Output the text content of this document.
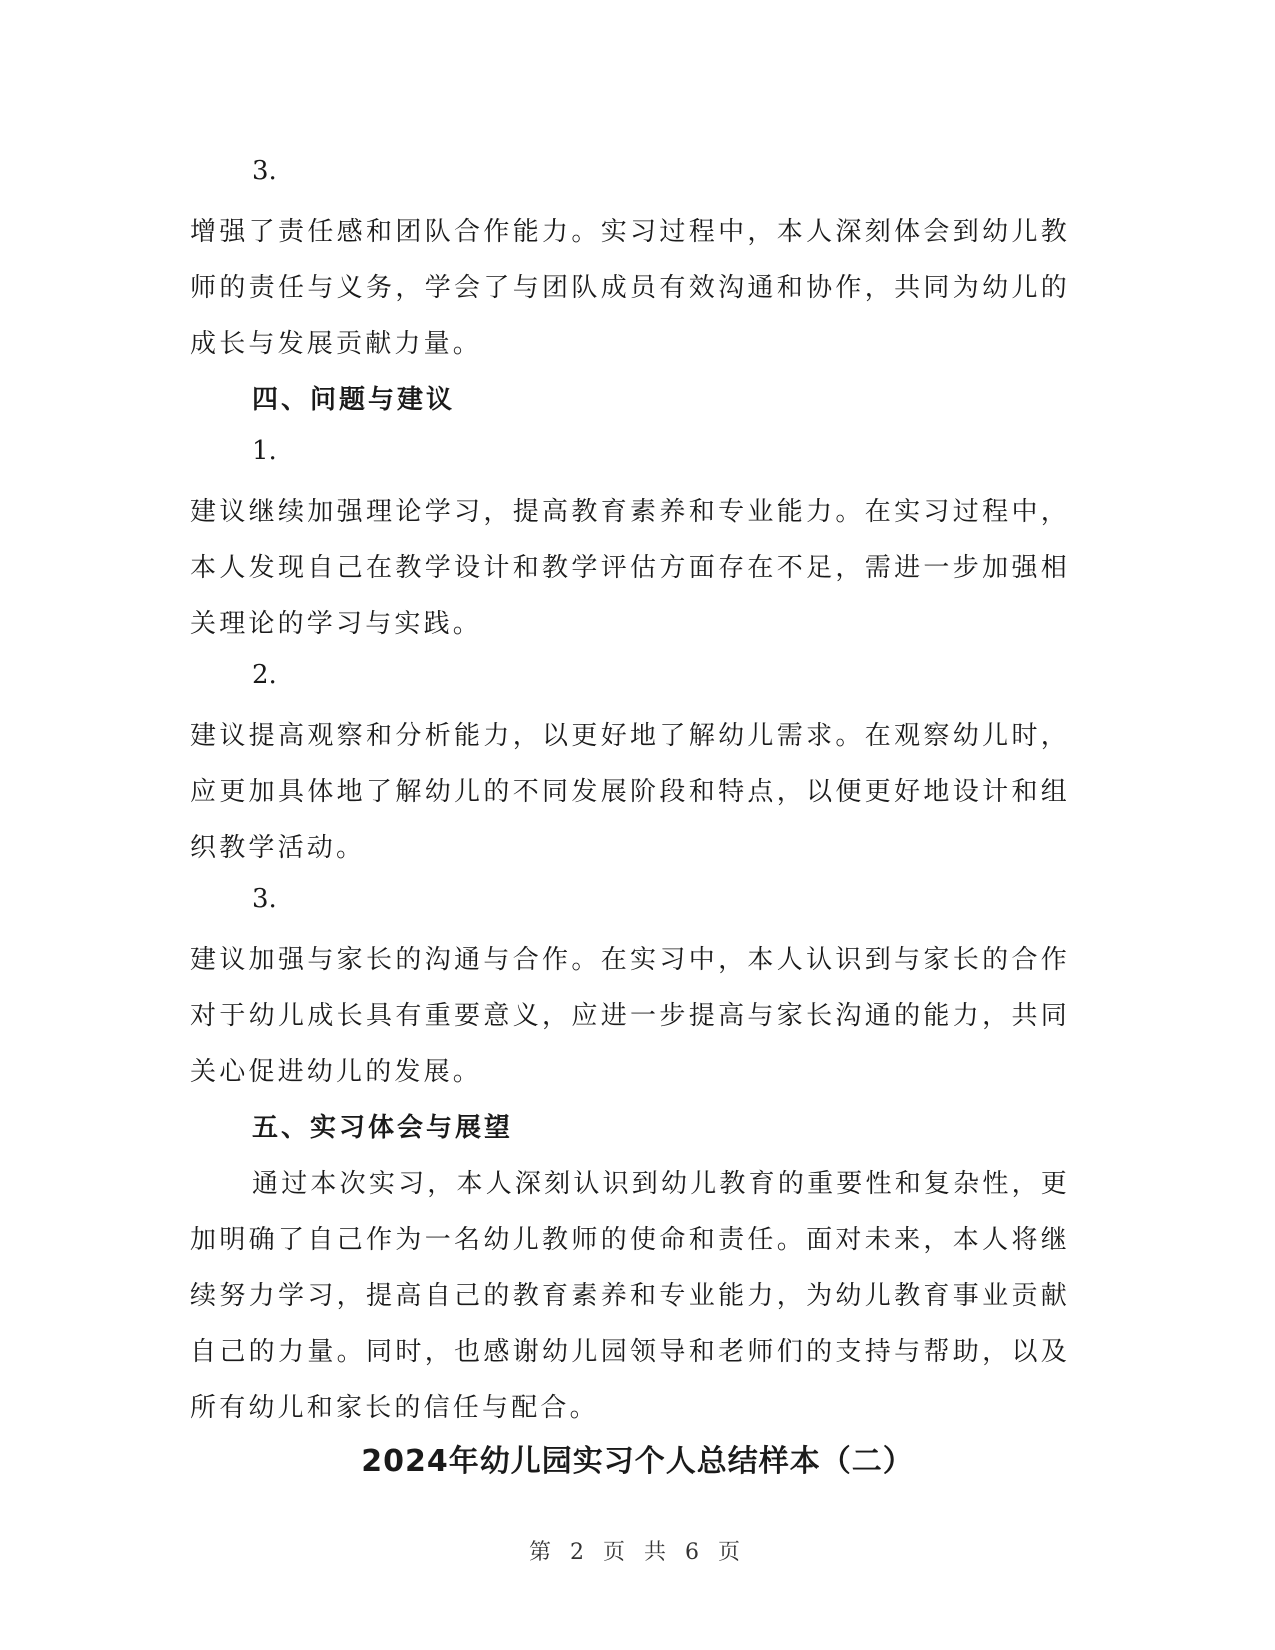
3.

增强了责任感和团队合作能力。实习过程中，本人深刻体会到幼儿教师的责任与义务，学会了与团队成员有效沟通和协作，共同为幼儿的成长与发展贡献力量。

四、问题与建议
1.

建议继续加强理论学习，提高教育素养和专业能力。在实习过程中，本人发现自己在教学设计和教学评估方面存在不足，需进一步加强相关理论的学习与实践。

2.

建议提高观察和分析能力，以更好地了解幼儿需求。在观察幼儿时，应更加具体地了解幼儿的不同发展阶段和特点，以便更好地设计和组织教学活动。

3.

建议加强与家长的沟通与合作。在实习中，本人认识到与家长的合作对于幼儿成长具有重要意义，应进一步提高与家长沟通的能力，共同关心促进幼儿的发展。

五、实习体会与展望

通过本次实习，本人深刻认识到幼儿教育的重要性和复杂性，更加明确了自己作为一名幼儿教师的使命和责任。面对未来，本人将继续努力学习，提高自己的教育素养和专业能力，为幼儿教育事业贡献自己的力量。同时，也感谢幼儿园领导和老师们的支持与帮助，以及所有幼儿和家长的信任与配合。

2024年幼儿园实习个人总结样本（二）
第 2 页 共 6 页
